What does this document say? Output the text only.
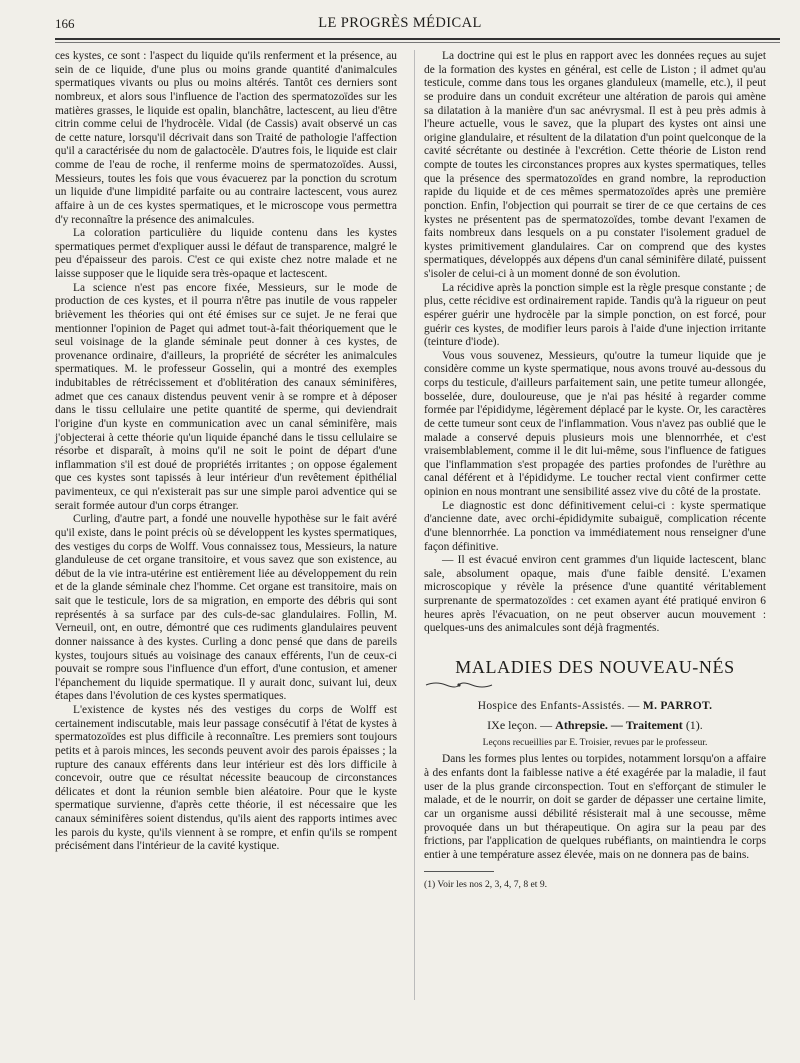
166	LE PROGRÈS MÉDICAL

ces kystes, ce sont : l'aspect du liquide qu'ils renferment et la présence, au sein de ce liquide, d'une plus ou moins grande quantité d'animalcules spermatiques vivants ou plus ou moins altérés. Tantôt ces derniers sont nombreux, et alors sous l'influence de l'action des spermatozoïdes sur les matières grasses, le liquide est opalin, blanchâtre, lactescent, au lieu d'être citrin comme celui de l'hydrocèle. Vidal (de Cassis) avait observé un cas de cette nature, lorsqu'il décrivait dans son Traité de pathologie l'affection qu'il a caractérisée du nom de galactocèle. D'autres fois, le liquide est clair comme de l'eau de roche, il renferme moins de spermatozoïdes. Aussi, Messieurs, toutes les fois que vous évacuerez par la ponction du scrotum un liquide d'une limpidité parfaite ou au contraire lactescent, vous aurez affaire à un de ces kystes spermatiques, et le microscope vous permettra d'y reconnaître la présence des animalcules.

La coloration particulière du liquide contenu dans les kystes spermatiques permet d'expliquer aussi le défaut de transparence, malgré le peu d'épaisseur des parois. C'est ce qui existe chez notre malade et ne laisse supposer que le liquide sera très-opaque et lactescent.

La science n'est pas encore fixée, Messieurs, sur le mode de production de ces kystes, et il pourra n'être pas inutile de vous rappeler brièvement les théories qui ont été émises sur ce sujet. Je ne ferai que mentionner l'opinion de Paget qui admet tout-à-fait théoriquement que le seul voisinage de la glande séminale peut donner à ces kystes, de provenance ordinaire, d'ailleurs, la propriété de sécréter les animalcules spermatiques. M. le professeur Gosselin, qui a montré des exemples indubitables de rétrécissement et d'oblitération des canaux séminifères, admet que ces canaux distendus peuvent venir à se rompre et à déposer dans le tissu cellulaire une petite quantité de sperme, qui deviendrait l'origine d'un kyste en communication avec un canal séminifère, mais j'objecterai à cette théorie qu'un liquide épanché dans le tissu cellulaire se résorbe et disparaît, à moins qu'il ne soit le point de départ d'une inflammation s'il est doué de propriétés irritantes ; on oppose également que ces kystes sont tapissés à leur intérieur d'un revêtement épithélial pavimenteux, ce qui n'existerait pas sur une simple paroi adventice qui se serait formée autour d'un corps étranger.

Curling, d'autre part, a fondé une nouvelle hypothèse sur le fait avéré qu'il existe, dans le point précis où se développent les kystes spermatiques, des vestiges du corps de Wolff. Vous connaissez tous, Messieurs, la nature glanduleuse de cet organe transitoire, et vous savez que son existence, au début de la vie intra-utérine est entièrement liée au développement du rein et de la glande séminale chez l'homme. Cet organe est transitoire, mais on sait que le testicule, lors de sa migration, en emporte des débris qui sont représentés à sa surface par des culs-de-sac glandulaires. Follin, M. Verneuil, ont, en outre, démontré que ces rudiments glandulaires peuvent donner naissance à des kystes. Curling a donc pensé que dans de pareils kystes, toujours situés au voisinage des canaux efférents, l'un de ceux-ci pouvait se rompre sous l'influence d'un effort, d'une contusion, et amener l'épanchement du liquide spermatique. Il y aurait donc, suivant lui, deux étapes dans l'évolution de ces kystes spermatiques.

L'existence de kystes nés des vestiges du corps de Wolff est certainement indiscutable, mais leur passage consécutif à l'état de kystes à spermatozoïdes est plus difficile à reconnaître. Les premiers sont toujours petits et à parois minces, les seconds peuvent avoir des parois épaisses ; la rupture des canaux efférents dans leur intérieur est dès lors difficile à concevoir, outre que ce résultat nécessite beaucoup de circonstances délicates et dont la réunion semble bien aléatoire. Pour que le kyste spermatique survienne, d'après cette théorie, il est nécessaire que les canaux séminifères soient distendus, qu'ils aient des rapports intimes avec les parois du kyste, qu'ils viennent à se rompre, et enfin qu'ils se rompent précisément dans l'intérieur de la cavité kystique.

La doctrine qui est le plus en rapport avec les données reçues au sujet de la formation des kystes en général, est celle de Liston ; il admet qu'au testicule, comme dans tous les organes glanduleux (mamelle, etc.), il peut se produire dans un conduit excréteur une altération de parois qui amène sa dilatation à la manière d'un sac anévrysmal. Il est à peu près admis à l'heure actuelle, vous le savez, que la plupart des kystes ont ainsi une origine glandulaire, et résultent de la dilatation d'un point quelconque de la cavité sécrétante ou destinée à l'excrétion. Cette théorie de Liston rend compte de toutes les circonstances propres aux kystes spermatiques, telles que la présence des spermatozoïdes en grand nombre, la reproduction rapide du liquide et de ces mêmes spermatozoïdes après une première ponction. Enfin, l'objection qui pourrait se tirer de ce que certains de ces kystes ne présentent pas de spermatozoïdes, tombe devant l'examen de faits nombreux dans lesquels on a pu constater l'isolement graduel de kystes primitivement glandulaires. Car on comprend que des kystes spermatiques, développés aux dépens d'un canal séminifère dilaté, puissent s'isoler de celui-ci à un moment donné de son évolution.

La récidive après la ponction simple est la règle presque constante ; de plus, cette récidive est ordinairement rapide. Tandis qu'à la rigueur on peut espérer guérir une hydrocèle par la simple ponction, on est forcé, pour guérir ces kystes, de modifier leurs parois à l'aide d'une injection irritante (teinture d'iode).

Vous vous souvenez, Messieurs, qu'outre la tumeur liquide que je considère comme un kyste spermatique, nous avons trouvé au-dessous du corps du testicule, d'ailleurs parfaitement sain, une petite tumeur allongée, bosselée, dure, douloureuse, que je n'ai pas hésité à regarder comme formée par l'épididyme, légèrement déplacé par le kyste. Or, les caractères de cette tumeur sont ceux de l'inflammation. Vous n'avez pas oublié que le malade a conservé depuis plusieurs mois une blennorrhée, et c'est vraisemblablement, comme il le dit lui-même, sous l'influence de fatigues que l'inflammation s'est propagée des parties profondes de l'urèthre au canal déférent et à l'épididyme. Le toucher rectal vient confirmer cette opinion en nous montrant une sensibilité assez vive du côté de la prostate.

Le diagnostic est donc définitivement celui-ci : kyste spermatique d'ancienne date, avec orchi-épididymite subaiguë, complication récente d'une blennorrhée. La ponction va immédiatement nous renseigner d'une façon définitive.

— Il est évacué environ cent grammes d'un liquide lactescent, blanc sale, absolument opaque, mais d'une faible densité. L'examen microscopique y révèle la présence d'une quantité véritablement surprenante de spermatozoïdes : cet examen ayant été pratiqué environ 6 heures après l'évacuation, on ne peut observer aucun mouvement : quelques-uns des animalcules sont déjà fragmentés.

MALADIES DES NOUVEAU-NÉS
Hospice des Enfants-Assistés. — M. PARROT.
IXe leçon. — Athrepsie. — Traitement (1).
Leçons recueillies par E. Troisier, revues par le professeur.

Dans les formes plus lentes ou torpides, notamment lorsqu'on a affaire à des enfants dont la faiblesse native a été exagérée par la maladie, il faut user de la plus grande circonspection. Tout en s'efforçant de stimuler le malade, et de le nourrir, on doit se garder de dépasser une certaine limite, car un organisme aussi débilité résisterait mal à une secousse, même provoquée dans un but thérapeutique. On agira sur la peau par des frictions, par l'application de quelques rubéfiants, on maintiendra le corps entier à une température assez élevée, mais on ne donnera pas de bains.

(1) Voir les nos 2, 3, 4, 7, 8 et 9.
